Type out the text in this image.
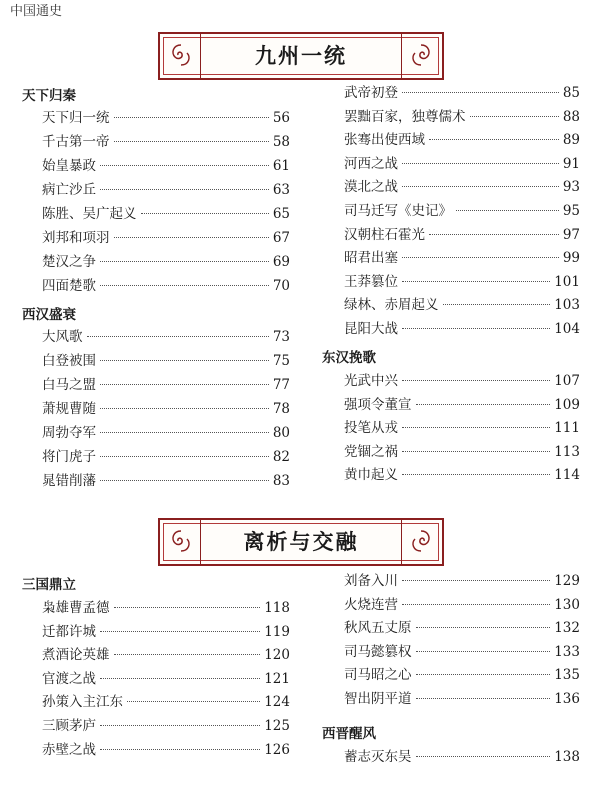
中国通史
九州一统
天下归秦
天下归一统	56
千古第一帝	58
始皇暴政	61
病亡沙丘	63
陈胜、吴广起义	65
刘邦和项羽	67
楚汉之争	69
四面楚歌	70
西汉盛衰
大风歌	73
白登被围	75
白马之盟	77
萧规曹随	78
周勃夺军	80
将门虎子	82
晁错削藩	83
武帝初登	85
罢黜百家，独尊儒术	88
张骞出使西域	89
河西之战	91
漠北之战	93
司马迁写《史记》	95
汉朝柱石霍光	97
昭君出塞	99
王莽篡位	101
绿林、赤眉起义	103
昆阳大战	104
东汉挽歌
光武中兴	107
强项令董宣	109
投笔从戎	111
党锢之祸	113
黄巾起义	114
离析与交融
三国鼎立
枭雄曹孟德	118
迁都许城	119
煮酒论英雄	120
官渡之战	121
孙策入主江东	124
三顾茅庐	125
赤壁之战	126
刘备入川	129
火烧连营	130
秋风五丈原	132
司马懿篡权	133
司马昭之心	135
智出阴平道	136
西晋醒风
蓄志灭东吴	138
